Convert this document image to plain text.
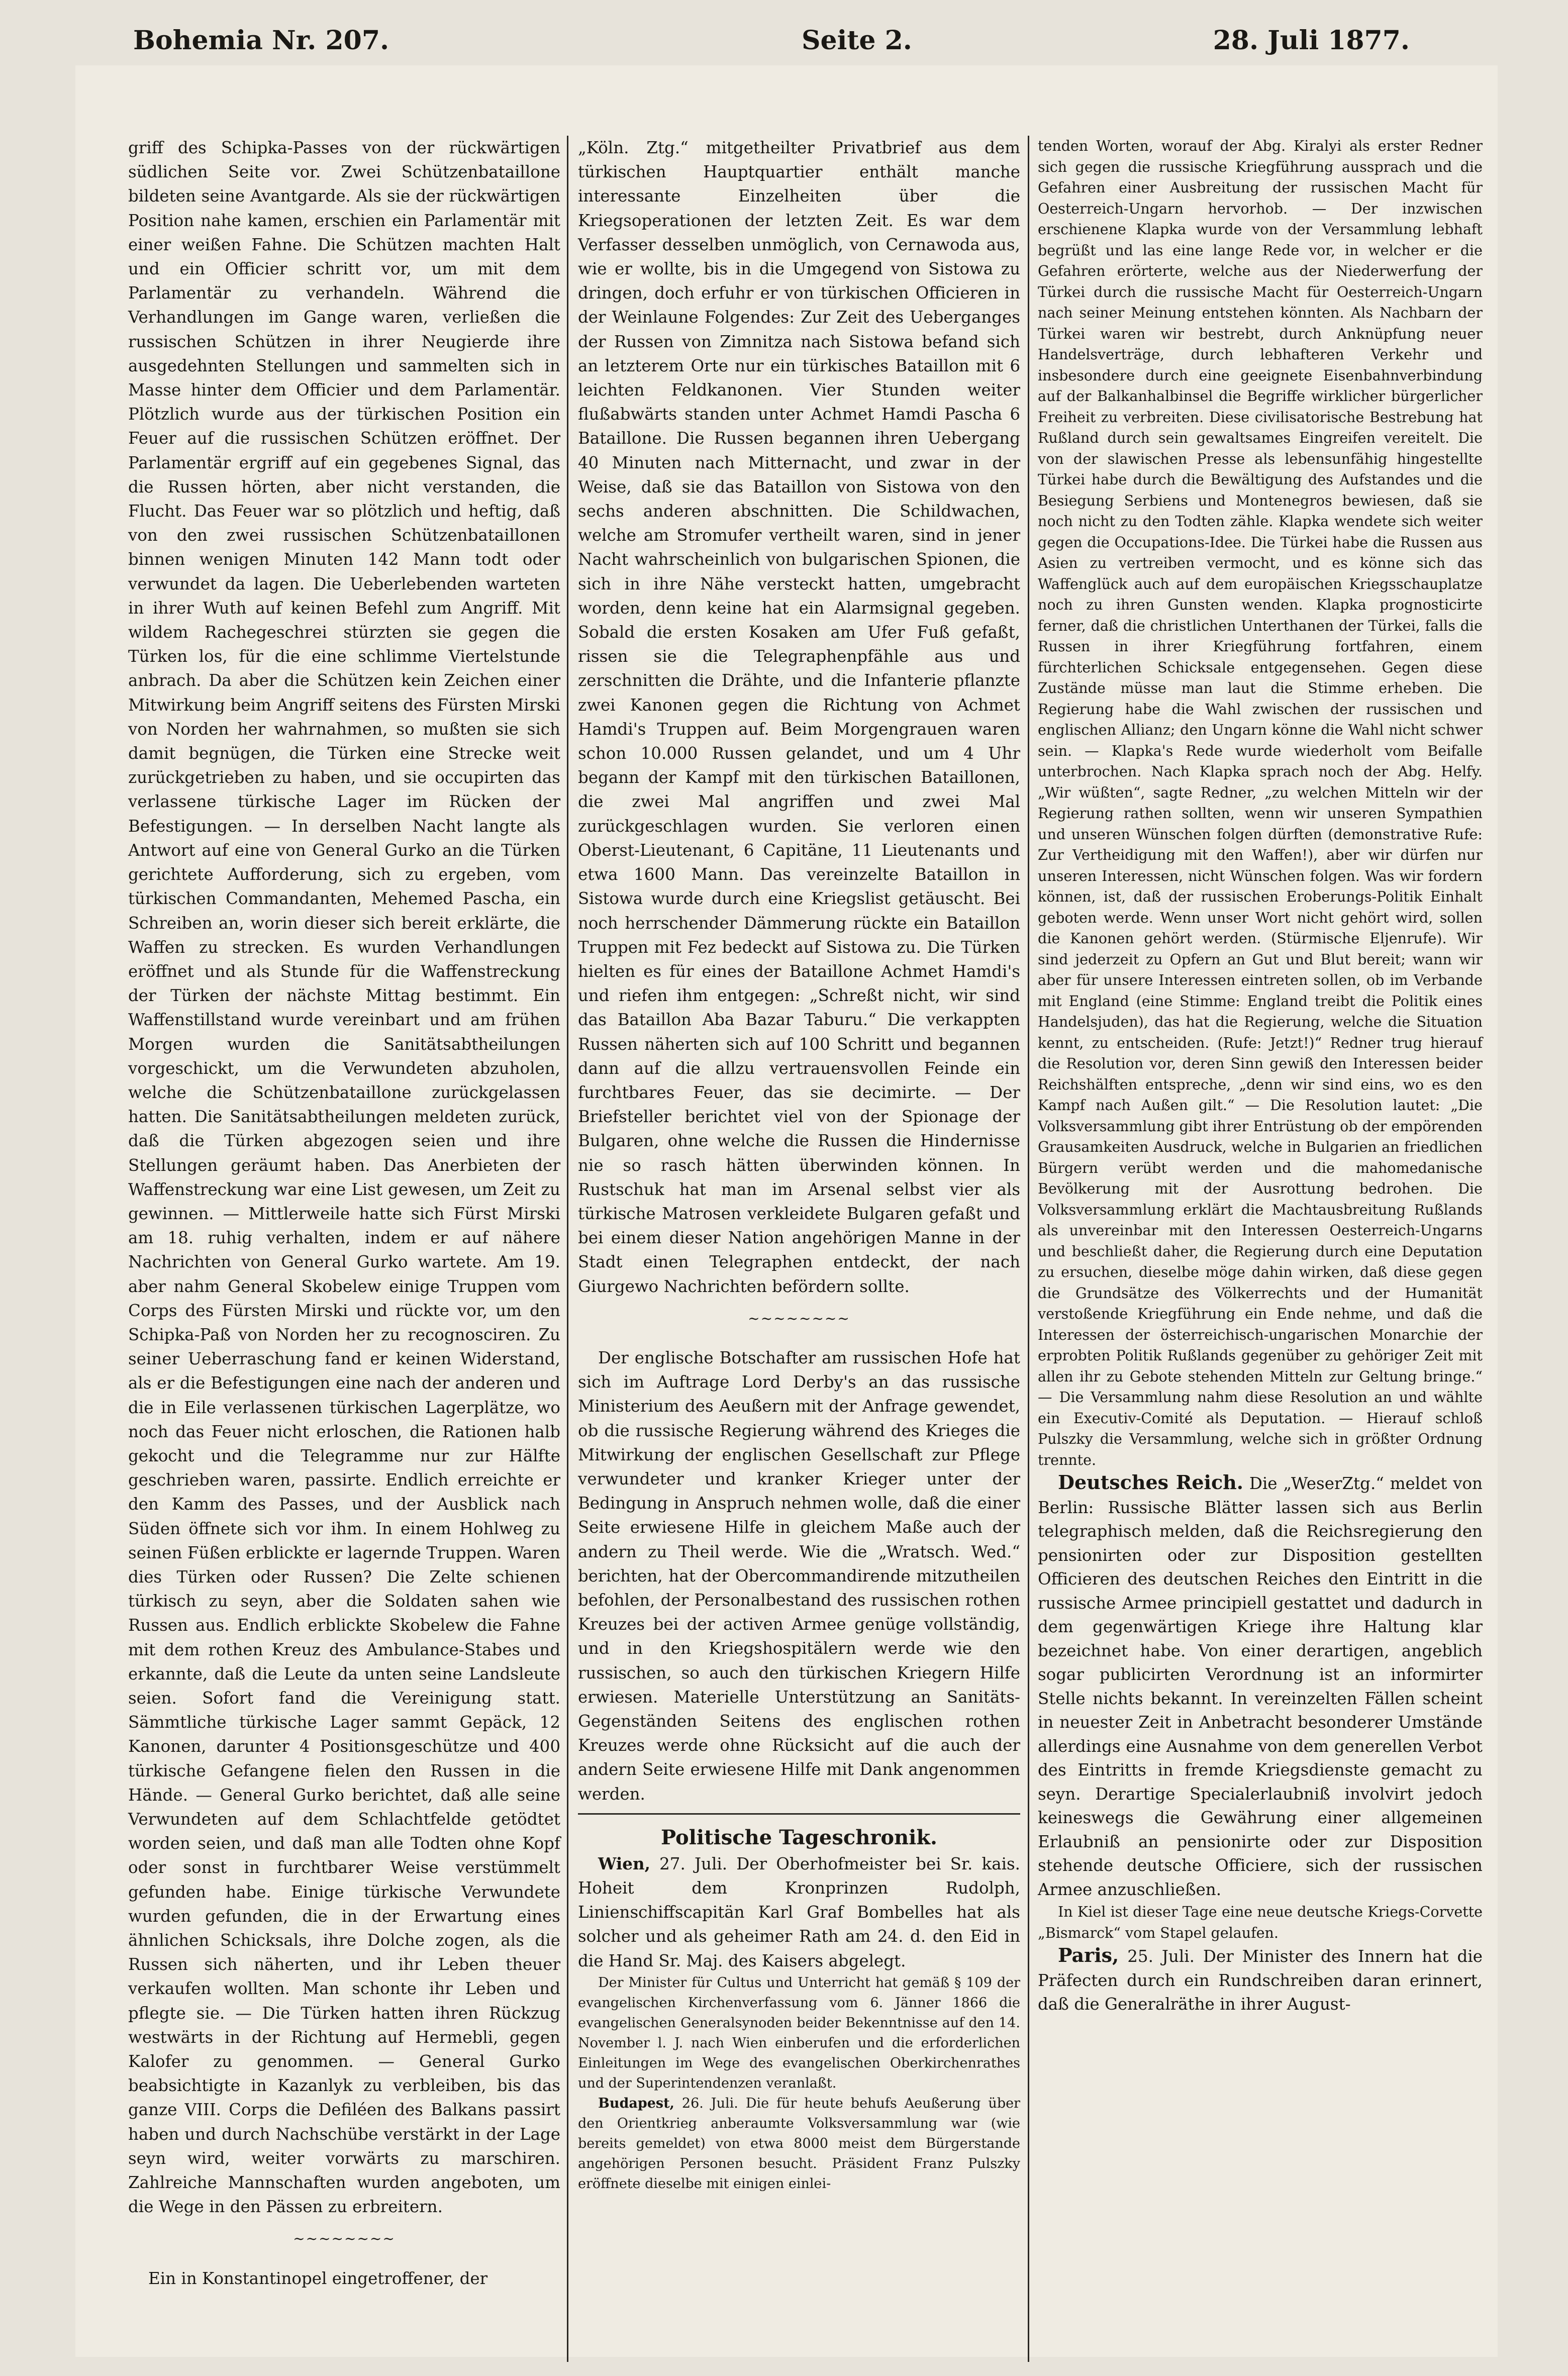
Bohemia Nr. 207.	Seite 2.	28. Juli 1877.

griff des Schipka-Passes von der rückwärtigen südlichen Seite vor. Zwei Schützenbataillone bildeten seine Avantgarde. Als sie der rückwärtigen Position nahe kamen, erschien ein Parlamentär mit einer weißen Fahne. Die Schützen machten Halt und ein Officier schritt vor, um mit dem Parlamentär zu verhandeln. Während die Verhandlungen im Gange waren, verließen die russischen Schützen in ihrer Neugierde ihre ausgedehnten Stellungen und sammelten sich in Masse hinter dem Officier und dem Parlamentär. Plötzlich wurde aus der türkischen Position ein Feuer auf die russischen Schützen eröffnet. Der Parlamentär ergriff auf ein gegebenes Signal, das die Russen hörten, aber nicht verstanden, die Flucht. Das Feuer war so plötzlich und heftig, daß von den zwei russischen Schützenbataillonen binnen wenigen Minuten 142 Mann todt oder verwundet da lagen. Die Ueberlebenden warteten in ihrer Wuth auf keinen Befehl zum Angriff. Mit wildem Rachegeschrei stürzten sie gegen die Türken los, für die eine schlimme Viertelstunde anbrach. Da aber die Schützen kein Zeichen einer Mitwirkung beim Angriff seitens des Fürsten Mirski von Norden her wahrnahmen, so mußten sie sich damit begnügen, die Türken eine Strecke weit zurückgetrieben zu haben, und sie occupirten das verlassene türkische Lager im Rücken der Befestigungen. — In derselben Nacht langte als Antwort auf eine von General Gurko an die Türken gerichtete Aufforderung, sich zu ergeben, vom türkischen Commandanten, Mehemed Pascha, ein Schreiben an, worin dieser sich bereit erklärte, die Waffen zu strecken. Es wurden Verhandlungen eröffnet und als Stunde für die Waffenstreckung der Türken der nächste Mittag bestimmt. Ein Waffenstillstand wurde vereinbart und am frühen Morgen wurden die Sanitätsabtheilungen vorgeschickt, um die Verwundeten abzuholen, welche die Schützenbataillone zurückgelassen hatten. Die Sanitätsabtheilungen meldeten zurück, daß die Türken abgezogen seien und ihre Stellungen geräumt haben. Das Anerbieten der Waffenstreckung war eine List gewesen, um Zeit zu gewinnen. — Mittlerweile hatte sich Fürst Mirski am 18. ruhig verhalten, indem er auf nähere Nachrichten von General Gurko wartete. Am 19. aber nahm General Skobelew einige Truppen vom Corps des Fürsten Mirski und rückte vor, um den Schipka-Paß von Norden her zu recognosciren. Zu seiner Ueberraschung fand er keinen Widerstand, als er die Befestigungen eine nach der anderen und die in Eile verlassenen türkischen Lagerplätze, wo noch das Feuer nicht erloschen, die Rationen halb gekocht und die Telegramme nur zur Hälfte geschrieben waren, passirte. Endlich erreichte er den Kamm des Passes, und der Ausblick nach Süden öffnete sich vor ihm. In einem Hohlweg zu seinen Füßen erblickte er lagernde Truppen. Waren dies Türken oder Russen? Die Zelte schienen türkisch zu seyn, aber die Soldaten sahen wie Russen aus. Endlich erblickte Skobelew die Fahne mit dem rothen Kreuz des Ambulance-Stabes und erkannte, daß die Leute da unten seine Landsleute seien. Sofort fand die Vereinigung statt. Sämmtliche türkische Lager sammt Gepäck, 12 Kanonen, darunter 4 Positionsgeschütze und 400 türkische Gefangene fielen den Russen in die Hände. — General Gurko berichtet, daß alle seine Verwundeten auf dem Schlachtfelde getödtet worden seien, und daß man alle Todten ohne Kopf oder sonst in furchtbarer Weise verstümmelt gefunden habe. Einige türkische Verwundete wurden gefunden, die in der Erwartung eines ähnlichen Schicksals, ihre Dolche zogen, als die Russen sich näherten, und ihr Leben theuer verkaufen wollten. Man schonte ihr Leben und pflegte sie. — Die Türken hatten ihren Rückzug westwärts in der Richtung auf Hermebli, gegen Kalofer zu genommen. — General Gurko beabsichtigte in Kazanlyk zu verbleiben, bis das ganze VIII. Corps die Defiléen des Balkans passirt haben und durch Nachschübe verstärkt in der Lage seyn wird, weiter vorwärts zu marschiren. Zahlreiche Mannschaften wurden angeboten, um die Wege in den Pässen zu erbreitern.

~~~~~~~~

Ein in Konstantinopel eingetroffener, der

„Köln. Ztg.“ mitgetheilter Privatbrief aus dem türkischen Hauptquartier enthält manche interessante Einzelheiten über die Kriegsoperationen der letzten Zeit. Es war dem Verfasser desselben unmöglich, von Cernawoda aus, wie er wollte, bis in die Umgegend von Sistowa zu dringen, doch erfuhr er von türkischen Officieren in der Weinlaune Folgendes: Zur Zeit des Ueberganges der Russen von Zimnitza nach Sistowa befand sich an letzterem Orte nur ein türkisches Bataillon mit 6 leichten Feldkanonen. Vier Stunden weiter flußabwärts standen unter Achmet Hamdi Pascha 6 Bataillone. Die Russen begannen ihren Uebergang 40 Minuten nach Mitternacht, und zwar in der Weise, daß sie das Bataillon von Sistowa von den sechs anderen abschnitten. Die Schildwachen, welche am Stromufer vertheilt waren, sind in jener Nacht wahrscheinlich von bulgarischen Spionen, die sich in ihre Nähe versteckt hatten, umgebracht worden, denn keine hat ein Alarmsignal gegeben. Sobald die ersten Kosaken am Ufer Fuß gefaßt, rissen sie die Telegraphenpfähle aus und zerschnitten die Drähte, und die Infanterie pflanzte zwei Kanonen gegen die Richtung von Achmet Hamdi's Truppen auf. Beim Morgengrauen waren schon 10.000 Russen gelandet, und um 4 Uhr begann der Kampf mit den türkischen Bataillonen, die zwei Mal angriffen und zwei Mal zurückgeschlagen wurden. Sie verloren einen Oberst-Lieutenant, 6 Capitäne, 11 Lieutenants und etwa 1600 Mann. Das vereinzelte Bataillon in Sistowa wurde durch eine Kriegslist getäuscht. Bei noch herrschender Dämmerung rückte ein Bataillon Truppen mit Fez bedeckt auf Sistowa zu. Die Türken hielten es für eines der Bataillone Achmet Hamdi's und riefen ihm entgegen: „Schreßt nicht, wir sind das Bataillon Aba Bazar Taburu.“ Die verkappten Russen näherten sich auf 100 Schritt und begannen dann auf die allzu vertrauensvollen Feinde ein furchtbares Feuer, das sie decimirte. — Der Briefsteller berichtet viel von der Spionage der Bulgaren, ohne welche die Russen die Hindernisse nie so rasch hätten überwinden können. In Rustschuk hat man im Arsenal selbst vier als türkische Matrosen verkleidete Bulgaren gefaßt und bei einem dieser Nation angehörigen Manne in der Stadt einen Telegraphen entdeckt, der nach Giurgewo Nachrichten befördern sollte.

~~~~~~~~

Der englische Botschafter am russischen Hofe hat sich im Auftrage Lord Derby's an das russische Ministerium des Aeußern mit der Anfrage gewendet, ob die russische Regierung während des Krieges die Mitwirkung der englischen Gesellschaft zur Pflege verwundeter und kranker Krieger unter der Bedingung in Anspruch nehmen wolle, daß die einer Seite erwiesene Hilfe in gleichem Maße auch der andern zu Theil werde. Wie die „Wratsch. Wed.“ berichten, hat der Obercommandirende mitzutheilen befohlen, der Personalbestand des russischen rothen Kreuzes bei der activen Armee genüge vollständig, und in den Kriegshospitälern werde wie den russischen, so auch den türkischen Kriegern Hilfe erwiesen. Materielle Unterstützung an Sanitäts-Gegenständen Seitens des englischen rothen Kreuzes werde ohne Rücksicht auf die auch der andern Seite erwiesene Hilfe mit Dank angenommen werden.

Politische Tageschronik.

Wien, 27. Juli. Der Oberhofmeister bei Sr. kais. Hoheit dem Kronprinzen Rudolph, Linienschiffscapitän Karl Graf Bombelles hat als solcher und als geheimer Rath am 24. d. den Eid in die Hand Sr. Maj. des Kaisers abgelegt.

Der Minister für Cultus und Unterricht hat gemäß § 109 der evangelischen Kirchenverfassung vom 6. Jänner 1866 die evangelischen Generalsynoden beider Bekenntnisse auf den 14. November l. J. nach Wien einberufen und die erforderlichen Einleitungen im Wege des evangelischen Oberkirchenrathes und der Superintendenzen veranlaßt.

Budapest, 26. Juli. Die für heute behufs Aeußerung über den Orientkrieg anberaumte Volksversammlung war (wie bereits gemeldet) von etwa 8000 meist dem Bürgerstande angehörigen Personen besucht. Präsident Franz Pulszky eröffnete dieselbe mit einigen einlei-

tenden Worten, worauf der Abg. Kiralyi als erster Redner sich gegen die russische Kriegführung aussprach und die Gefahren einer Ausbreitung der russischen Macht für Oesterreich-Ungarn hervorhob. — Der inzwischen erschienene Klapka wurde von der Versammlung lebhaft begrüßt und las eine lange Rede vor, in welcher er die Gefahren erörterte, welche aus der Niederwerfung der Türkei durch die russische Macht für Oesterreich-Ungarn nach seiner Meinung entstehen könnten. Als Nachbarn der Türkei waren wir bestrebt, durch Anknüpfung neuer Handelsverträge, durch lebhafteren Verkehr und insbesondere durch eine geeignete Eisenbahnverbindung auf der Balkanhalbinsel die Begriffe wirklicher bürgerlicher Freiheit zu verbreiten. Diese civilisatorische Bestrebung hat Rußland durch sein gewaltsames Eingreifen vereitelt. Die von der slawischen Presse als lebensunfähig hingestellte Türkei habe durch die Bewältigung des Aufstandes und die Besiegung Serbiens und Montenegros bewiesen, daß sie noch nicht zu den Todten zähle. Klapka wendete sich weiter gegen die Occupations-Idee. Die Türkei habe die Russen aus Asien zu vertreiben vermocht, und es könne sich das Waffenglück auch auf dem europäischen Kriegsschauplatze noch zu ihren Gunsten wenden. Klapka prognosticirte ferner, daß die christlichen Unterthanen der Türkei, falls die Russen in ihrer Kriegführung fortfahren, einem fürchterlichen Schicksale entgegensehen. Gegen diese Zustände müsse man laut die Stimme erheben. Die Regierung habe die Wahl zwischen der russischen und englischen Allianz; den Ungarn könne die Wahl nicht schwer sein. — Klapka's Rede wurde wiederholt vom Beifalle unterbrochen. Nach Klapka sprach noch der Abg. Helfy. „Wir wüßten“, sagte Redner, „zu welchen Mitteln wir der Regierung rathen sollten, wenn wir unseren Sympathien und unseren Wünschen folgen dürften (demonstrative Rufe: Zur Vertheidigung mit den Waffen!), aber wir dürfen nur unseren Interessen, nicht Wünschen folgen. Was wir fordern können, ist, daß der russischen Eroberungs-Politik Einhalt geboten werde. Wenn unser Wort nicht gehört wird, sollen die Kanonen gehört werden. (Stürmische Eljenrufe). Wir sind jederzeit zu Opfern an Gut und Blut bereit; wann wir aber für unsere Interessen eintreten sollen, ob im Verbande mit England (eine Stimme: England treibt die Politik eines Handelsjuden), das hat die Regierung, welche die Situation kennt, zu entscheiden. (Rufe: Jetzt!)“ Redner trug hierauf die Resolution vor, deren Sinn gewiß den Interessen beider Reichshälften entspreche, „denn wir sind eins, wo es den Kampf nach Außen gilt.“ — Die Resolution lautet: „Die Volksversammlung gibt ihrer Entrüstung ob der empörenden Grausamkeiten Ausdruck, welche in Bulgarien an friedlichen Bürgern verübt werden und die mahomedanische Bevölkerung mit der Ausrottung bedrohen. Die Volksversammlung erklärt die Machtausbreitung Rußlands als unvereinbar mit den Interessen Oesterreich-Ungarns und beschließt daher, die Regierung durch eine Deputation zu ersuchen, dieselbe möge dahin wirken, daß diese gegen die Grundsätze des Völkerrechts und der Humanität verstoßende Kriegführung ein Ende nehme, und daß die Interessen der österreichisch-ungarischen Monarchie der erprobten Politik Rußlands gegenüber zu gehöriger Zeit mit allen ihr zu Gebote stehenden Mitteln zur Geltung bringe.“ — Die Versammlung nahm diese Resolution an und wählte ein Executiv-Comité als Deputation. — Hierauf schloß Pulszky die Versammlung, welche sich in größter Ordnung trennte.

Deutsches Reich. Die „WeserZtg.“ meldet von Berlin: Russische Blätter lassen sich aus Berlin telegraphisch melden, daß die Reichsregierung den pensionirten oder zur Disposition gestellten Officieren des deutschen Reiches den Eintritt in die russische Armee principiell gestattet und dadurch in dem gegenwärtigen Kriege ihre Haltung klar bezeichnet habe. Von einer derartigen, angeblich sogar publicirten Verordnung ist an informirter Stelle nichts bekannt. In vereinzelten Fällen scheint in neuester Zeit in Anbetracht besonderer Umstände allerdings eine Ausnahme von dem generellen Verbot des Eintritts in fremde Kriegsdienste gemacht zu seyn. Derartige Specialerlaubniß involvirt jedoch keineswegs die Gewährung einer allgemeinen Erlaubniß an pensionirte oder zur Disposition stehende deutsche Officiere, sich der russischen Armee anzuschließen.

In Kiel ist dieser Tage eine neue deutsche Kriegs-Corvette „Bismarck“ vom Stapel gelaufen.

Paris, 25. Juli. Der Minister des Innern hat die Präfecten durch ein Rundschreiben daran erinnert, daß die Generalräthe in ihrer August-
